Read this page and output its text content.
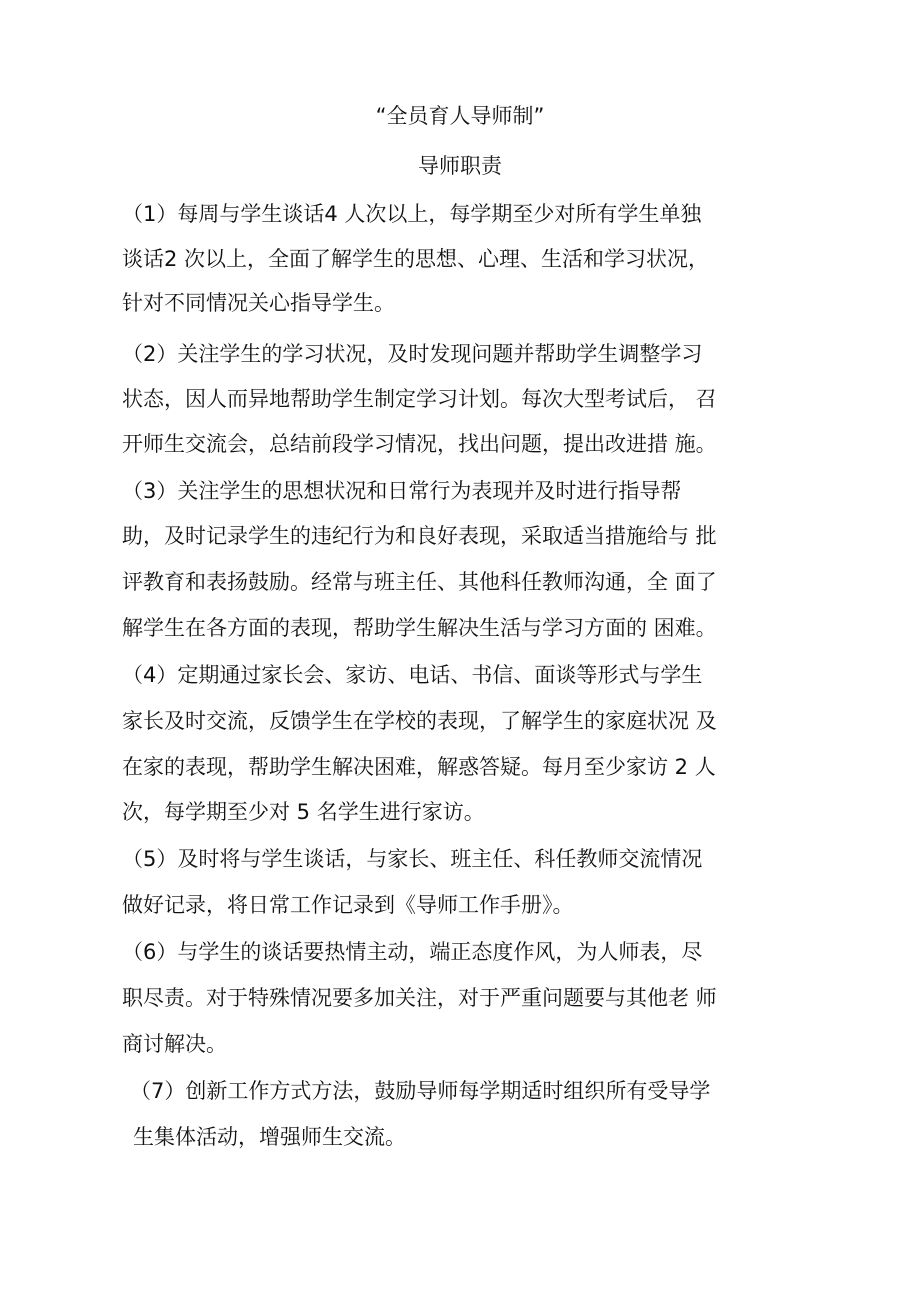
“全员育人导师制”
导师职责
（1）每周与学生谈话4 人次以上，每学期至少对所有学生单独
谈话2 次以上，全面了解学生的思想、心理、生活和学习状况，
针对不同情况关心指导学生。
（2）关注学生的学习状况，及时发现问题并帮助学生调整学习
状态，因人而异地帮助学生制定学习计划。每次大型考试后， 召
开师生交流会，总结前段学习情况，找出问题，提出改进措 施。
（3）关注学生的思想状况和日常行为表现并及时进行指导帮
助，及时记录学生的违纪行为和良好表现，采取适当措施给与 批
评教育和表扬鼓励。经常与班主任、其他科任教师沟通，全 面了
解学生在各方面的表现，帮助学生解决生活与学习方面的 困难。
（4）定期通过家长会、家访、电话、书信、面谈等形式与学生
家长及时交流，反馈学生在学校的表现，了解学生的家庭状况 及
在家的表现，帮助学生解决困难，解惑答疑。每月至少家访 2 人
次，每学期至少对 5 名学生进行家访。
（5）及时将与学生谈话，与家长、班主任、科任教师交流情况
做好记录，将日常工作记录到《导师工作手册》。
（6）与学生的谈话要热情主动，端正态度作风，为人师表，尽
职尽责。对于特殊情况要多加关注，对于严重问题要与其他老 师
商讨解决。
（7）创新工作方式方法，鼓励导师每学期适时组织所有受导学
生集体活动，增强师生交流。
